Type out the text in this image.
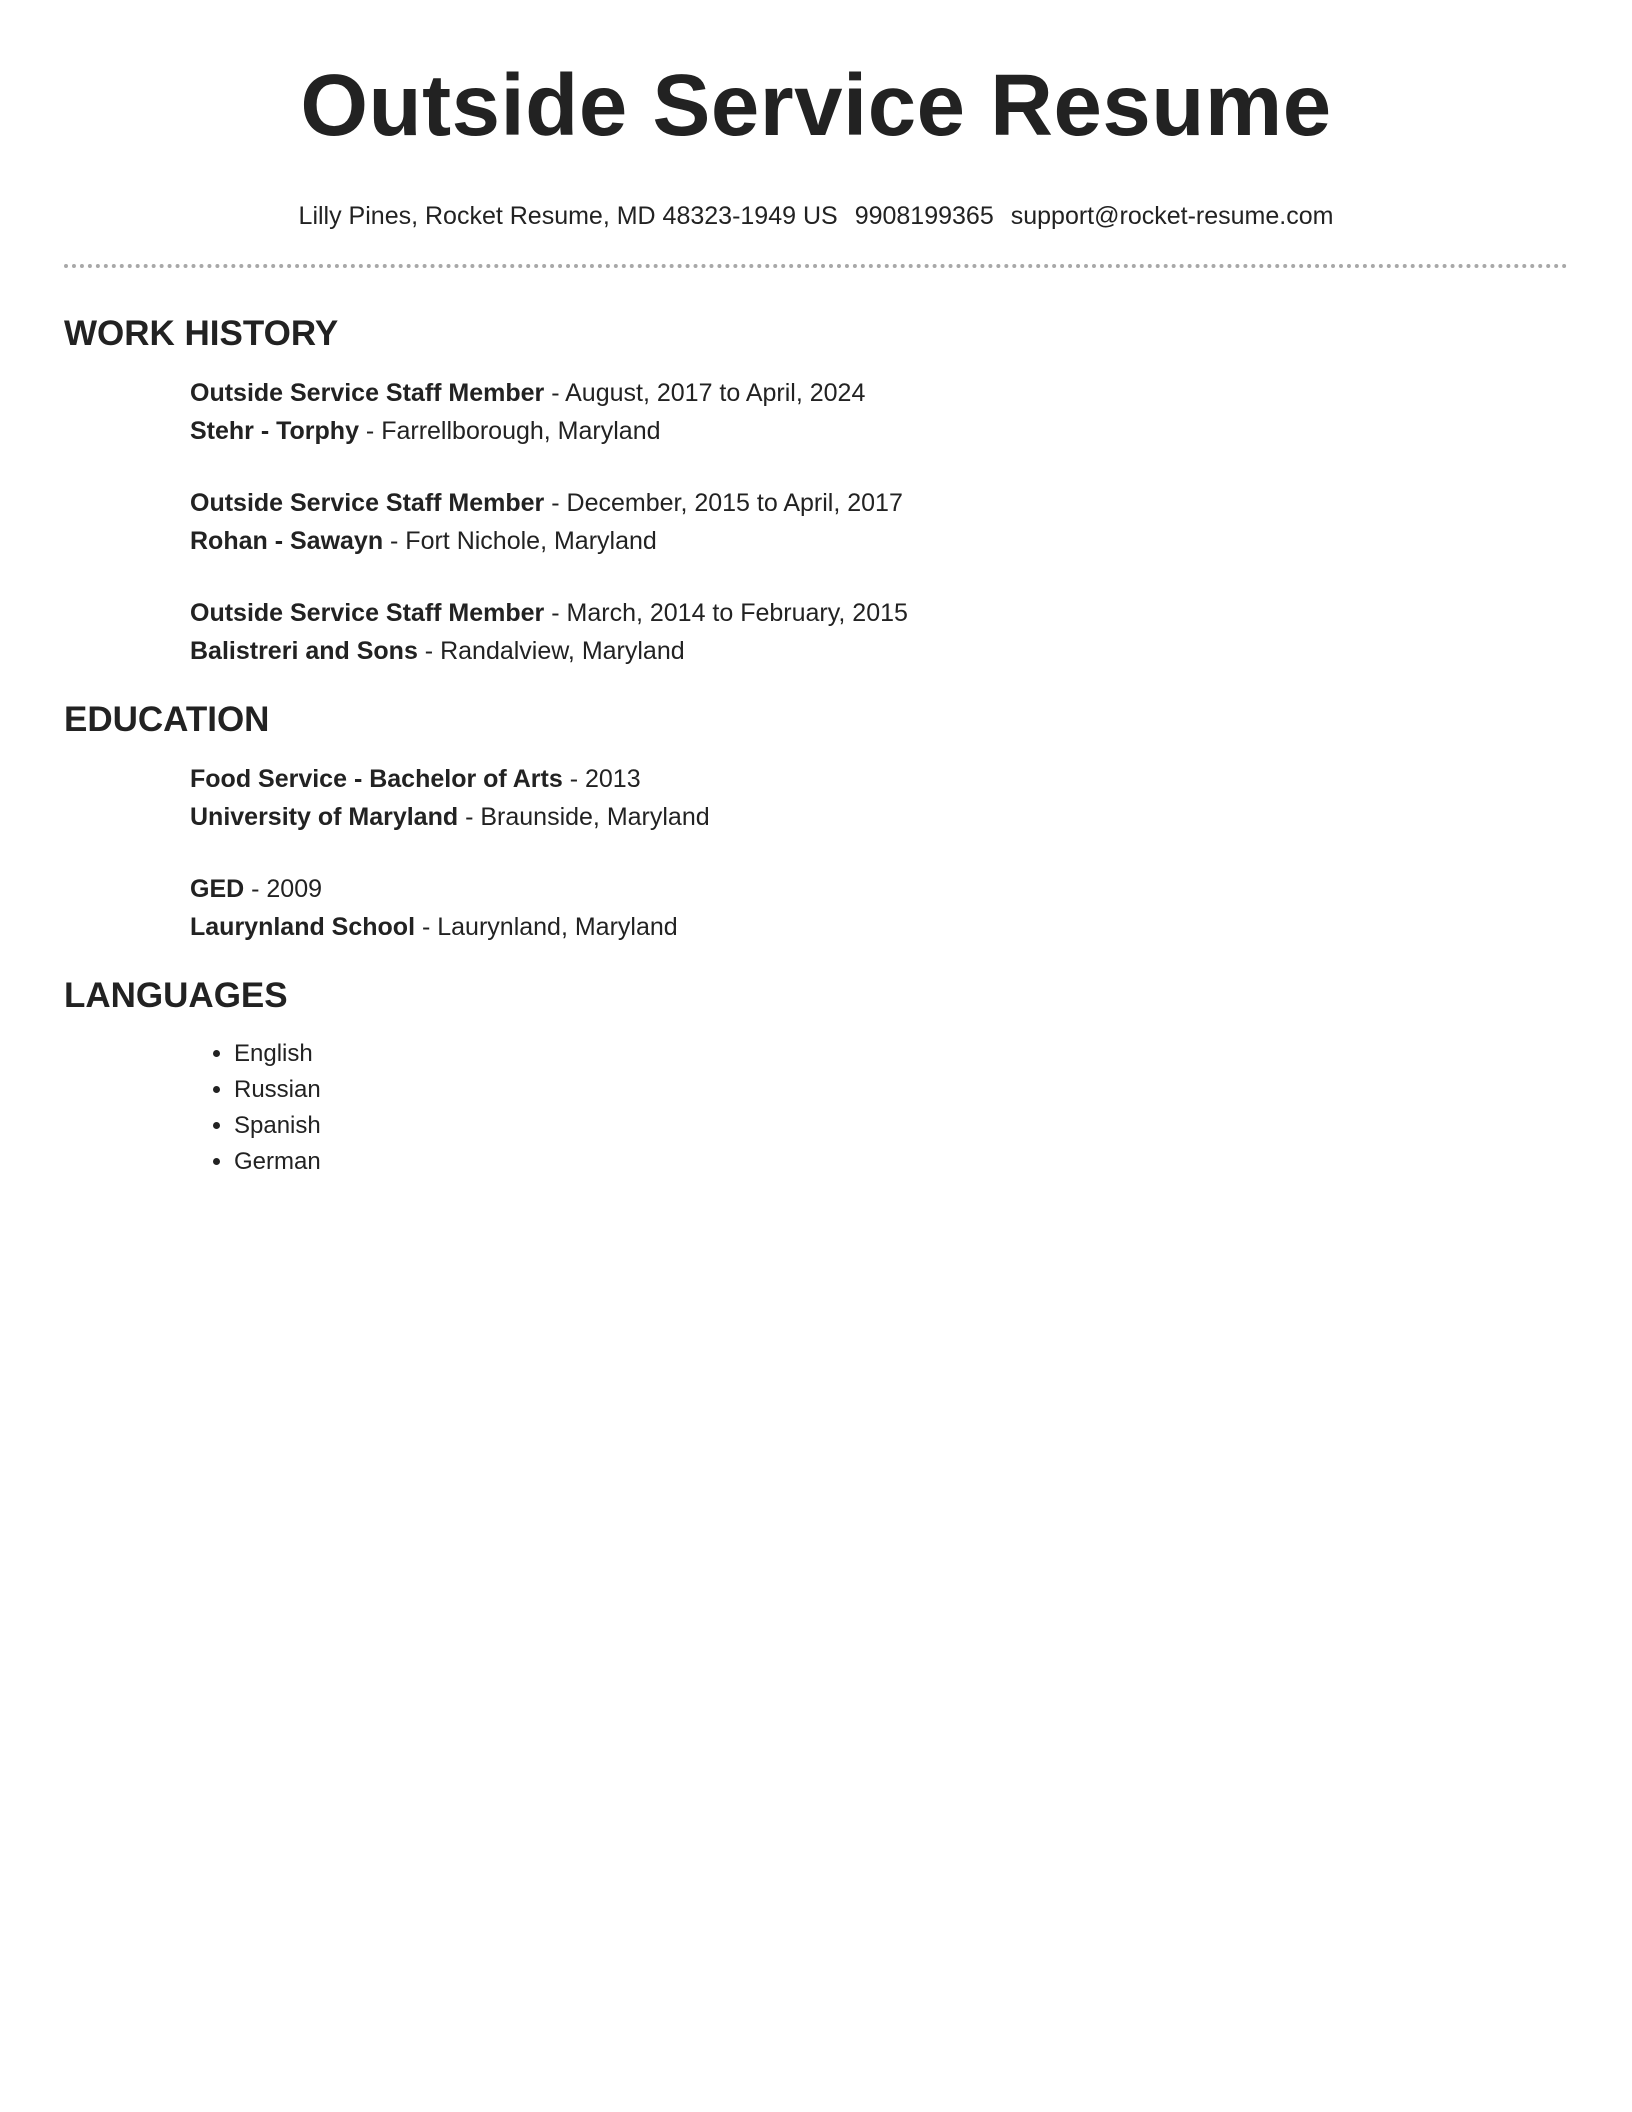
Outside Service Resume
Lilly Pines, Rocket Resume, MD 48323-1949 US 9908199365 support@rocket-resume.com
WORK HISTORY
Outside Service Staff Member - August, 2017 to April, 2024
Stehr - Torphy - Farrellborough, Maryland
Outside Service Staff Member - December, 2015 to April, 2017
Rohan - Sawayn - Fort Nichole, Maryland
Outside Service Staff Member - March, 2014 to February, 2015
Balistreri and Sons - Randalview, Maryland
EDUCATION
Food Service - Bachelor of Arts - 2013
University of Maryland - Braunside, Maryland
GED - 2009
Laurynland School - Laurynland, Maryland
LANGUAGES
• English
• Russian
• Spanish
• German
